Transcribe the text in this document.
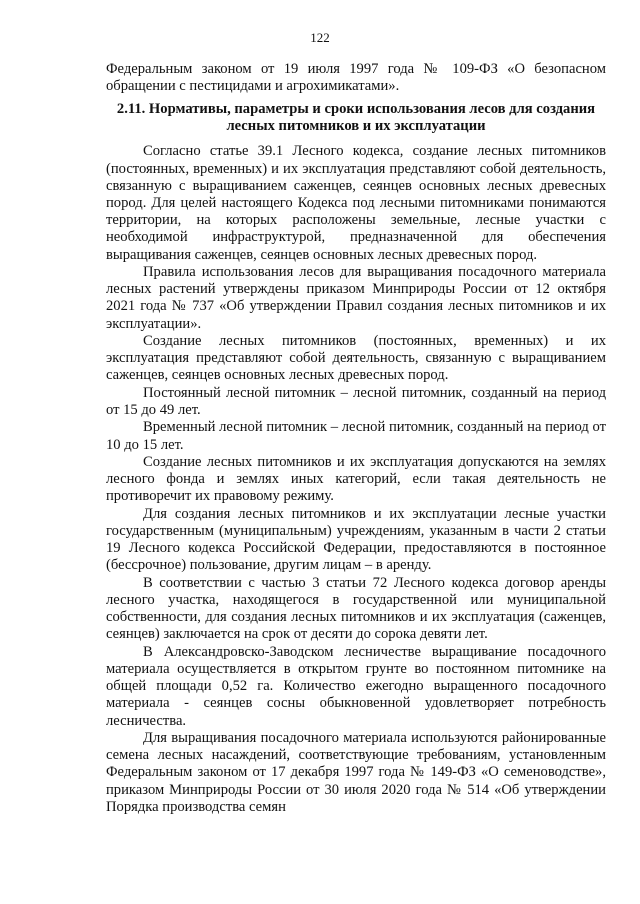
122

Федеральным законом от 19 июля 1997 года № 109-ФЗ «О безопасном обращении с пестицидами и агрохимикатами».

2.11. Нормативы, параметры и сроки использования лесов для создания лесных питомников и их эксплуатации

Согласно статье 39.1 Лесного кодекса, создание лесных питомников (постоянных, временных) и их эксплуатация представляют собой деятельность, связанную с выращиванием саженцев, сеянцев основных лесных древесных пород. Для целей настоящего Кодекса под лесными питомниками понимаются территории, на которых расположены земельные, лесные участки с необходимой инфраструктурой, предназначенной для обеспечения выращивания саженцев, сеянцев основных лесных древесных пород.

Правила использования лесов для выращивания посадочного материала лесных растений утверждены приказом Минприроды России от 12 октября 2021 года № 737 «Об утверждении Правил создания лесных питомников и их эксплуатации».

Создание лесных питомников (постоянных, временных) и их эксплуатация представляют собой деятельность, связанную с выращиванием саженцев, сеянцев основных лесных древесных пород.

Постоянный лесной питомник – лесной питомник, созданный на период от 15 до 49 лет.

Временный лесной питомник – лесной питомник, созданный на период от 10 до 15 лет.

Создание лесных питомников и их эксплуатация допускаются на землях лесного фонда и землях иных категорий, если такая деятельность не противоречит их правовому режиму.

Для создания лесных питомников и их эксплуатации лесные участки государственным (муниципальным) учреждениям, указанным в части 2 статьи 19 Лесного кодекса Российской Федерации, предоставляются в постоянное (бессрочное) пользование, другим лицам – в аренду.

В соответствии с частью 3 статьи 72 Лесного кодекса договор аренды лесного участка, находящегося в государственной или муниципальной собственности, для создания лесных питомников и их эксплуатация (саженцев, сеянцев) заключается на срок от десяти до сорока девяти лет.

В Александровско-Заводском лесничестве выращивание посадочного материала осуществляется в открытом грунте во постоянном питомнике на общей площади 0,52 га. Количество ежегодно выращенного посадочного материала - сеянцев сосны обыкновенной удовлетворяет потребность лесничества.

Для выращивания посадочного материала используются районированные семена лесных насаждений, соответствующие требованиям, установленным Федеральным законом от 17 декабря 1997 года № 149-ФЗ «О семеноводстве», приказом Минприроды России от 30 июля 2020 года № 514 «Об утверждении Порядка производства семян
